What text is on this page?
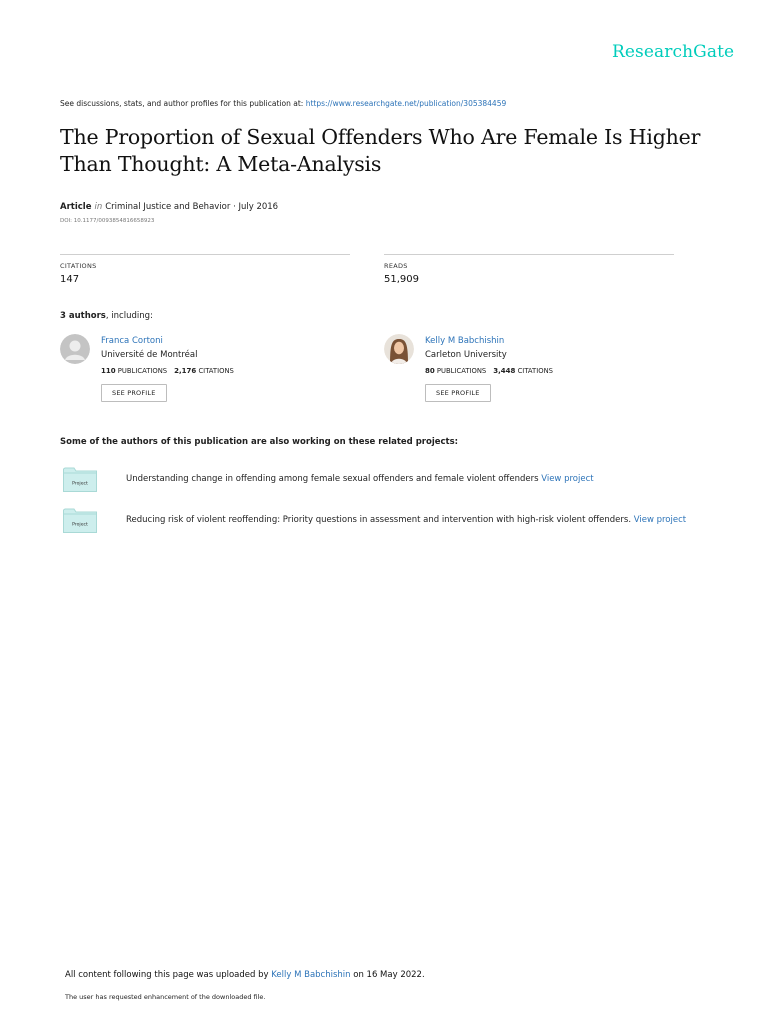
ResearchGate
See discussions, stats, and author profiles for this publication at: https://www.researchgate.net/publication/305384459
The Proportion of Sexual Offenders Who Are Female Is Higher Than Thought: A Meta-Analysis
Article in Criminal Justice and Behavior · July 2016
DOI: 10.1177/0093854816658923
CITATIONS
147
READS
51,909
3 authors, including:
Franca Cortoni
Université de Montréal
110 PUBLICATIONS 2,176 CITATIONS
SEE PROFILE
Kelly M Babchishin
Carleton University
80 PUBLICATIONS 3,448 CITATIONS
SEE PROFILE
Some of the authors of this publication are also working on these related projects:
Project	Understanding change in offending among female sexual offenders and female violent offenders View project
Project	Reducing risk of violent reoffending: Priority questions in assessment and intervention with high-risk violent offenders. View project
All content following this page was uploaded by Kelly M Babchishin on 16 May 2022.
The user has requested enhancement of the downloaded file.
